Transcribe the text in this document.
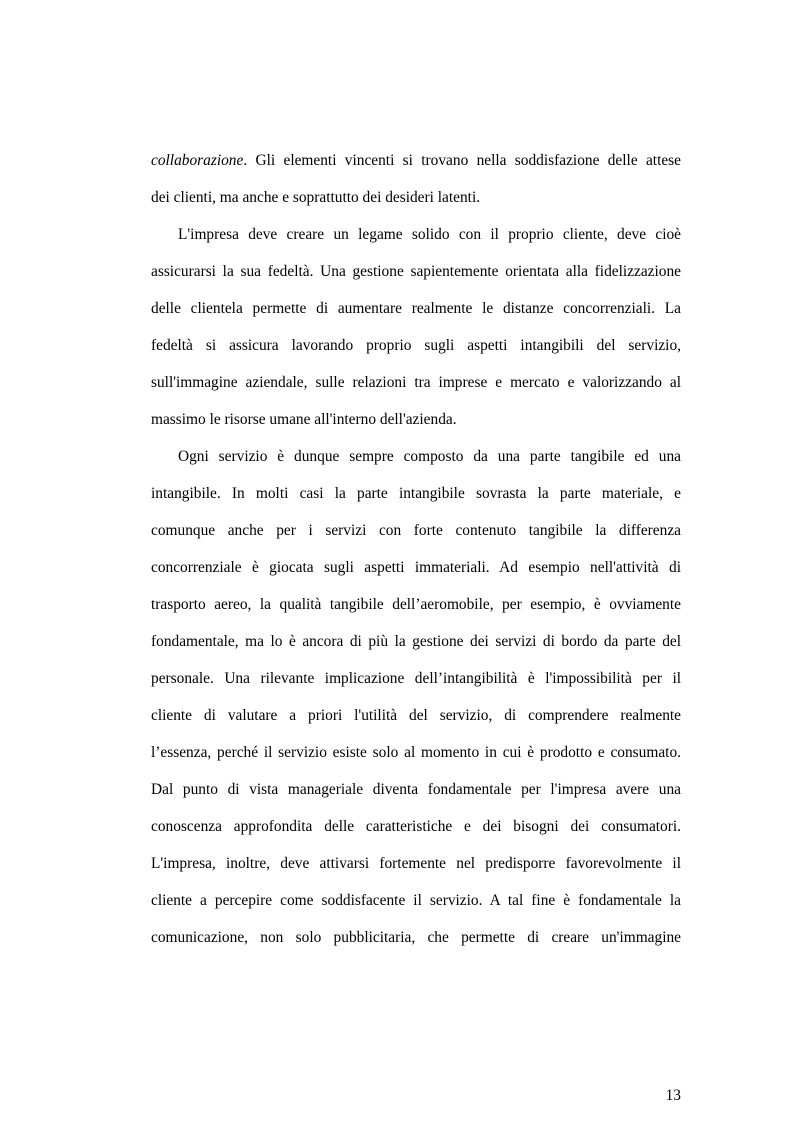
collaborazione. Gli elementi vincenti si trovano nella soddisfazione delle attese
dei clienti, ma anche e soprattutto dei desideri latenti.
L'impresa deve creare un legame solido con il proprio cliente, deve cioè
assicurarsi la sua fedeltà. Una gestione sapientemente orientata alla fidelizzazione
delle clientela permette di aumentare realmente le distanze concorrenziali. La
fedeltà si assicura lavorando proprio sugli aspetti intangibili del servizio,
sull'immagine aziendale, sulle relazioni tra imprese e mercato e valorizzando al
massimo le risorse umane all'interno dell'azienda.
Ogni servizio è dunque sempre composto da una parte tangibile ed una
intangibile. In molti casi la parte intangibile sovrasta la parte materiale, e
comunque anche per i servizi con forte contenuto tangibile la differenza
concorrenziale è giocata sugli aspetti immateriali. Ad esempio nell'attività di
trasporto aereo, la qualità tangibile dell’aeromobile, per esempio, è ovviamente
fondamentale, ma lo è ancora di più la gestione dei servizi di bordo da parte del
personale. Una rilevante implicazione dell’intangibilità è l'impossibilità per il
cliente di valutare a priori l'utilità del servizio, di comprendere realmente
l’essenza, perché il servizio esiste solo al momento in cui è prodotto e consumato.
Dal punto di vista manageriale diventa fondamentale per l'impresa avere una
conoscenza approfondita delle caratteristiche e dei bisogni dei consumatori.
L'impresa, inoltre, deve attivarsi fortemente nel predisporre favorevolmente il
cliente a percepire come soddisfacente il servizio. A tal fine è fondamentale la
comunicazione, non solo pubblicitaria, che permette di creare un'immagine
13
